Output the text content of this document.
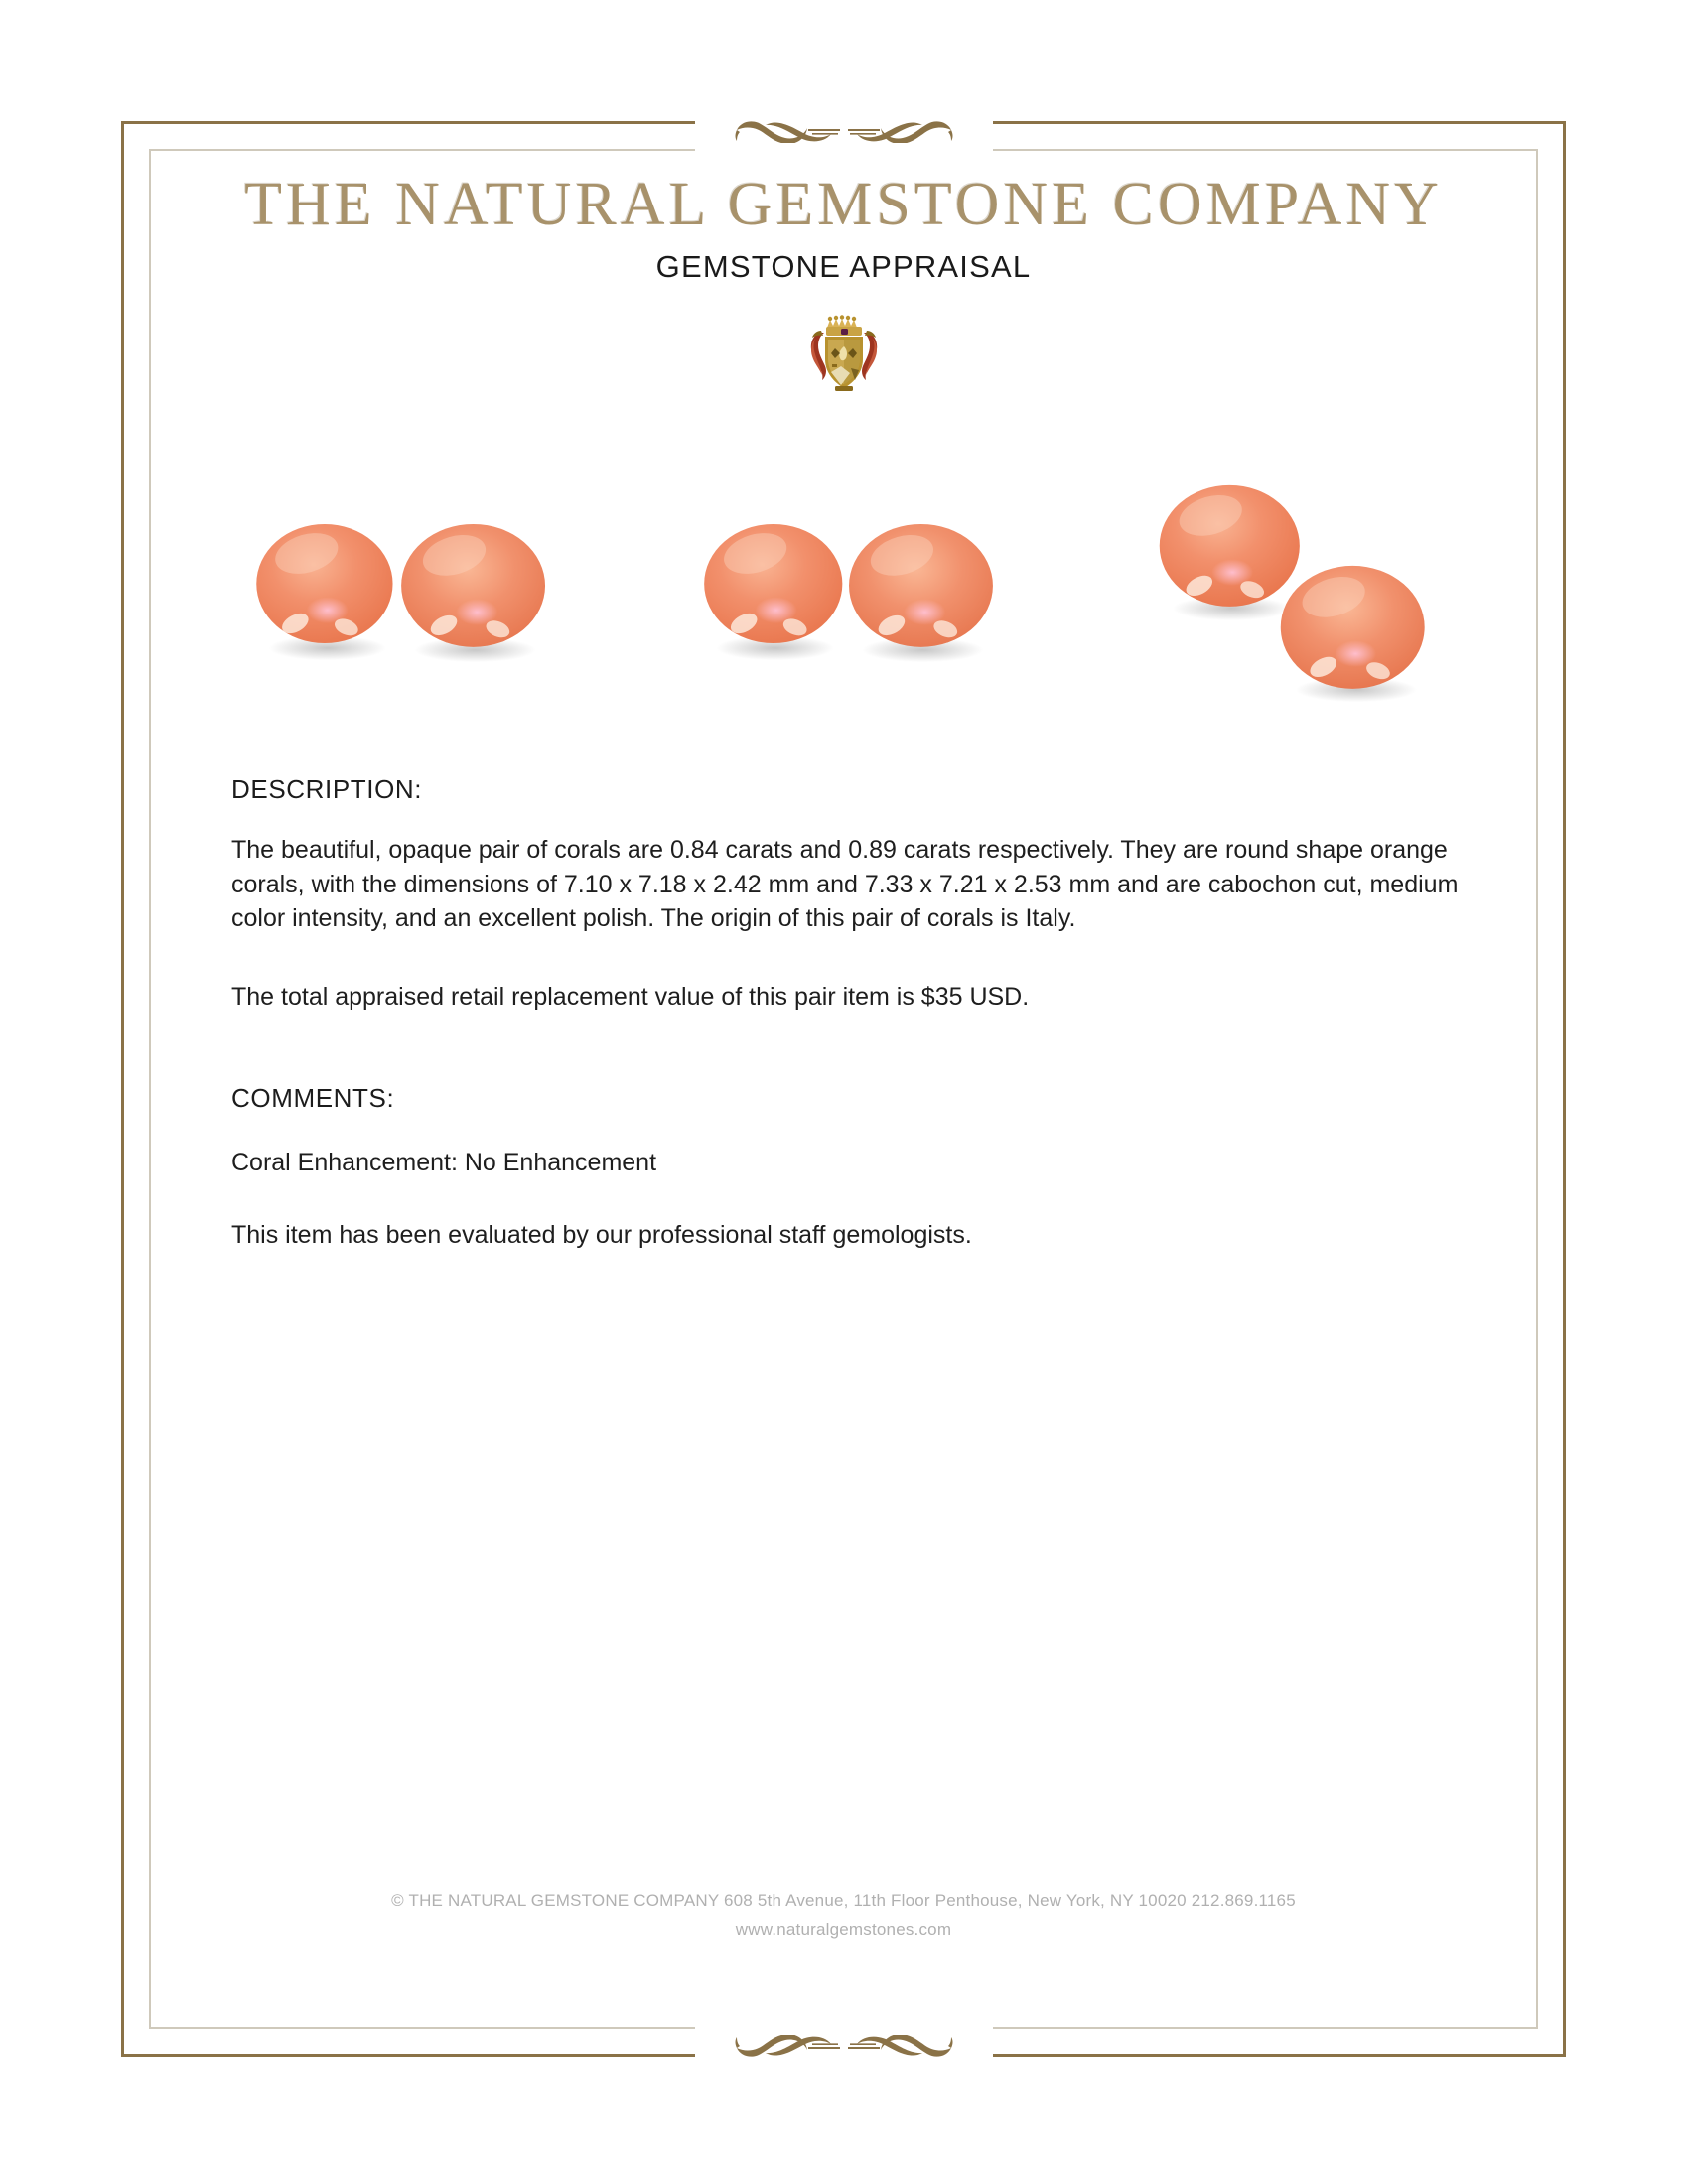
THE NATURAL GEMSTONE COMPANY
GEMSTONE APPRAISAL
DESCRIPTION:

The beautiful, opaque pair of corals are 0.84 carats and 0.89 carats respectively. They are round shape orange corals, with the dimensions of 7.10 x 7.18 x 2.42 mm and 7.33 x 7.21 x 2.53 mm and are cabochon cut, medium color intensity, and an excellent polish. The origin of this pair of corals is Italy.

The total appraised retail replacement value of this pair item is $35 USD.

COMMENTS:

Coral Enhancement: No Enhancement

This item has been evaluated by our professional staff gemologists.

© THE NATURAL GEMSTONE COMPANY 608 5th Avenue, 11th Floor Penthouse, New York, NY 10020 212.869.1165
www.naturalgemstones.com
